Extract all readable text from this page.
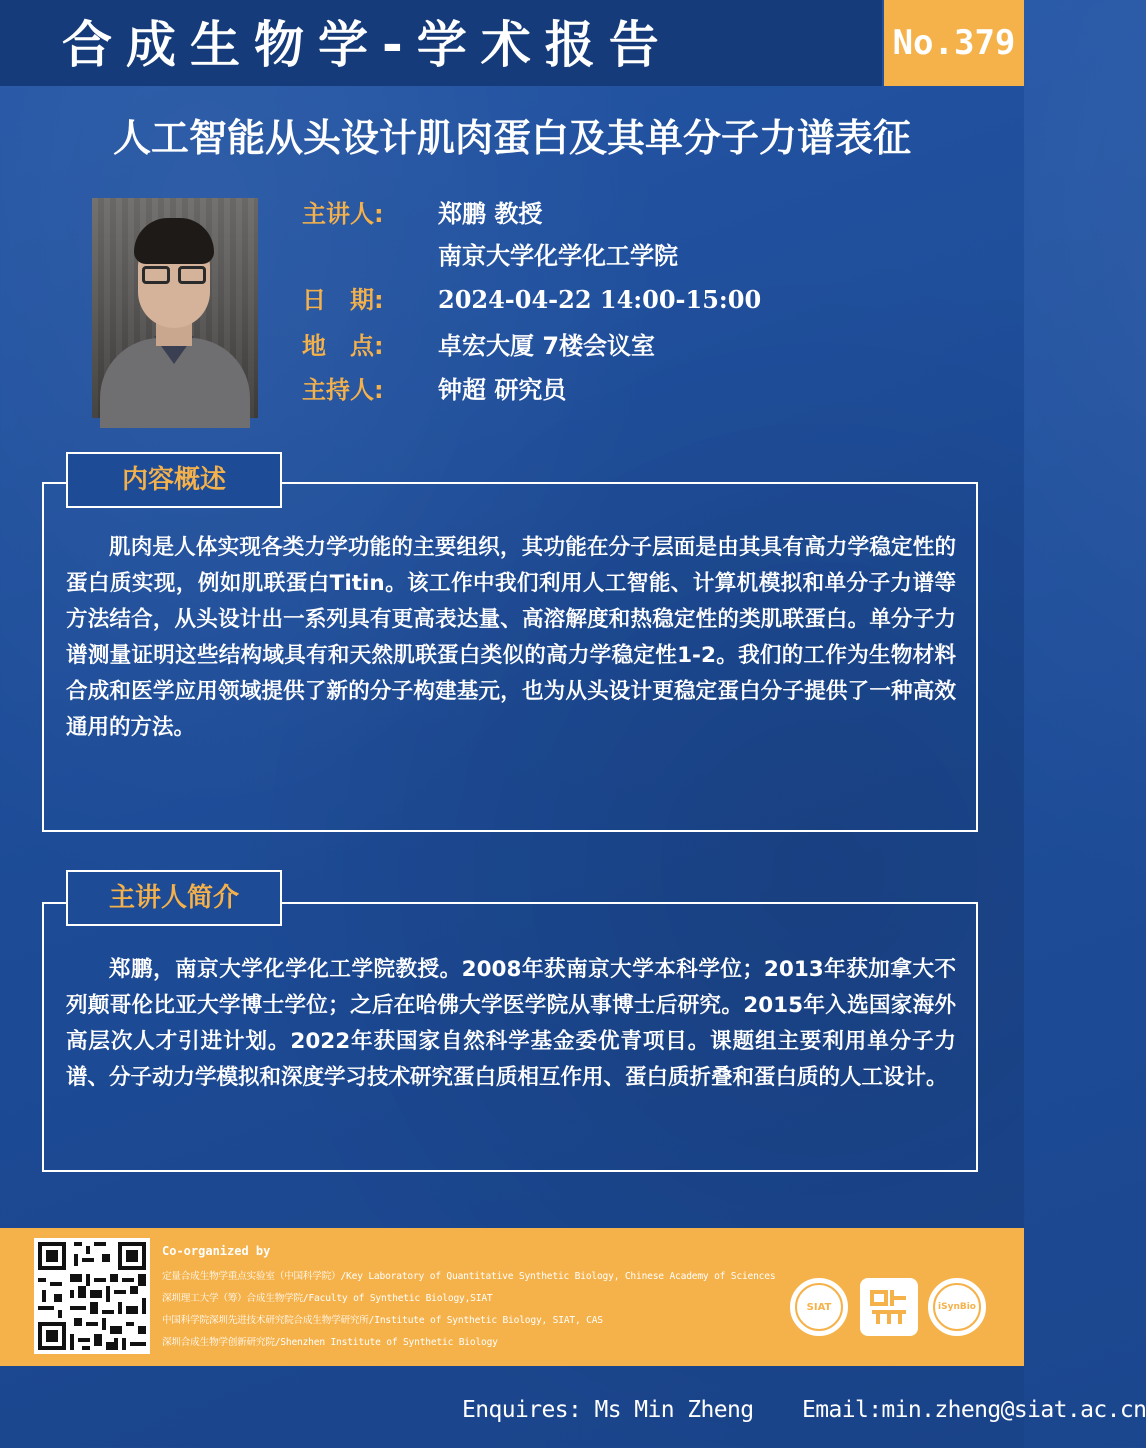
合成生物学-学术报告	No.379
人工智能从头设计肌肉蛋白及其单分子力谱表征
主讲人:	郑鹏 教授
南京大学化学化工学院
日　期:	2024-04-22 14:00-15:00
地　点:	卓宏大厦 7楼会议室
主持人:	钟超 研究员
内容概述
肌肉是人体实现各类力学功能的主要组织，其功能在分子层面是由其具有高力学稳定性的蛋白质实现，例如肌联蛋白Titin。该工作中我们利用人工智能、计算机模拟和单分子力谱等方法结合，从头设计出一系列具有更高表达量、高溶解度和热稳定性的类肌联蛋白。单分子力谱测量证明这些结构域具有和天然肌联蛋白类似的高力学稳定性1-2。我们的工作为生物材料合成和医学应用领域提供了新的分子构建基元，也为从头设计更稳定蛋白分子提供了一种高效通用的方法。
主讲人简介
郑鹏，南京大学化学化工学院教授。2008年获南京大学本科学位；2013年获加拿大不列颠哥伦比亚大学博士学位；之后在哈佛大学医学院从事博士后研究。2015年入选国家海外高层次人才引进计划。2022年获国家自然科学基金委优青项目。课题组主要利用单分子力谱、分子动力学模拟和深度学习技术研究蛋白质相互作用、蛋白质折叠和蛋白质的人工设计。
Co-organized by
定量合成生物学重点实验室（中国科学院）/Key Laboratory of Quantitative Synthetic Biology, Chinese Academy of Sciences
深圳理工大学（筹）合成生物学院/Faculty of Synthetic Biology,SIAT
中国科学院深圳先进技术研究院合成生物学研究所/Institute of Synthetic Biology, SIAT, CAS
深圳合成生物学创新研究院/Shenzhen Institute of Synthetic Biology
SIAT	iSynBio
Enquires: Ms Min Zheng Email:min.zheng@siat.ac.cn
